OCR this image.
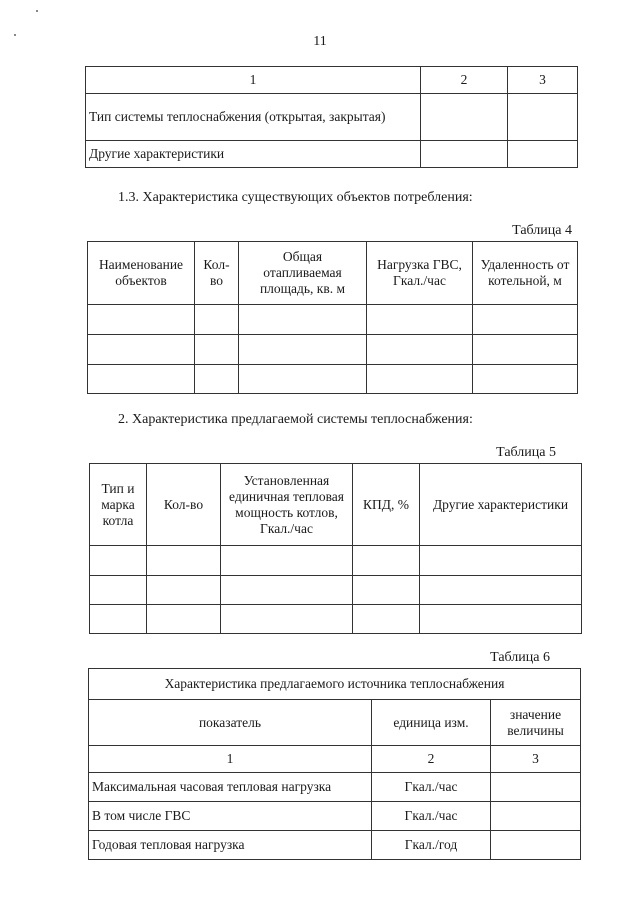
11
1	2	3
Тип системы теплоснабжения (открытая, закрытая)		
Другие характеристики		
1.3. Характеристика существующих объектов потребления:
Таблица 4
Наименование объектов	Кол-во	Общая отапливаемая площадь, кв. м	Нагрузка ГВС, Гкал./час	Удаленность от котельной, м

2. Характеристика предлагаемой системы теплоснабжения:
Таблица 5
Тип и марка котла	Кол-во	Установленная единичная тепловая мощность котлов, Гкал./час	КПД, %	Другие характеристики

Таблица 6
Характеристика предлагаемого источника теплоснабжения		
показатель	единица изм.	значение величины
1	2	3
Максимальная часовая тепловая нагрузка	Гкал./час	
В том числе ГВС	Гкал./час	
Годовая тепловая нагрузка	Гкал./год	
